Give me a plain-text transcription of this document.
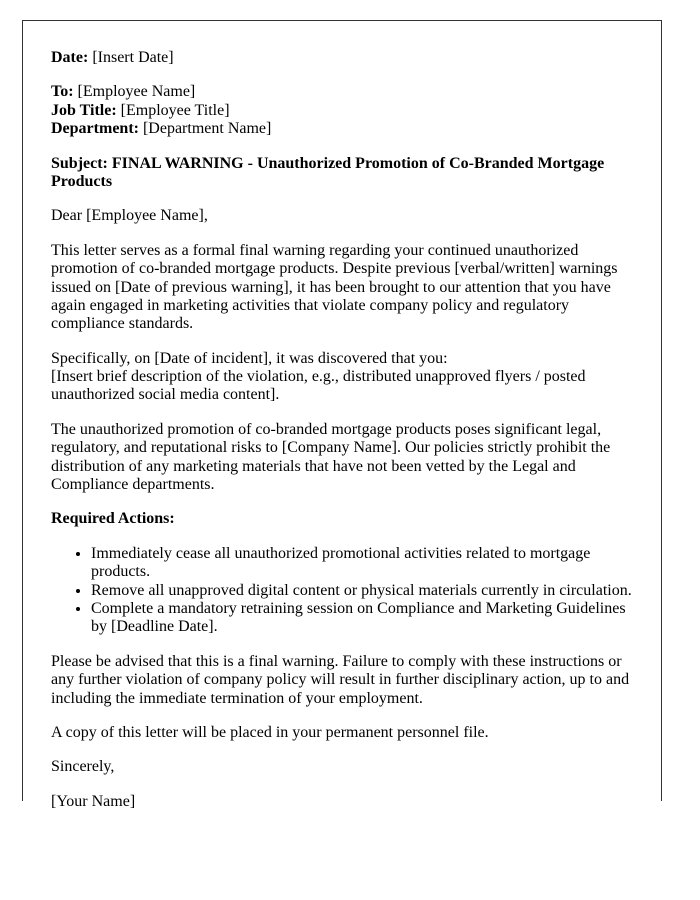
Date: [Insert Date]
To: [Employee Name]
Job Title: [Employee Title]
Department: [Department Name]
Subject: FINAL WARNING - Unauthorized Promotion of Co-Branded Mortgage Products
Dear [Employee Name],
This letter serves as a formal final warning regarding your continued unauthorized promotion of co-branded mortgage products. Despite previous [verbal/written] warnings issued on [Date of previous warning], it has been brought to our attention that you have again engaged in marketing activities that violate company policy and regulatory compliance standards.
Specifically, on [Date of incident], it was discovered that you:
[Insert brief description of the violation, e.g., distributed unapproved flyers / posted unauthorized social media content].
The unauthorized promotion of co-branded mortgage products poses significant legal, regulatory, and reputational risks to [Company Name]. Our policies strictly prohibit the distribution of any marketing materials that have not been vetted by the Legal and Compliance departments.
Required Actions:
• Immediately cease all unauthorized promotional activities related to mortgage products.
• Remove all unapproved digital content or physical materials currently in circulation.
• Complete a mandatory retraining session on Compliance and Marketing Guidelines by [Deadline Date].
Please be advised that this is a final warning. Failure to comply with these instructions or any further violation of company policy will result in further disciplinary action, up to and including the immediate termination of your employment.
A copy of this letter will be placed in your permanent personnel file.
Sincerely,
[Your Name]
